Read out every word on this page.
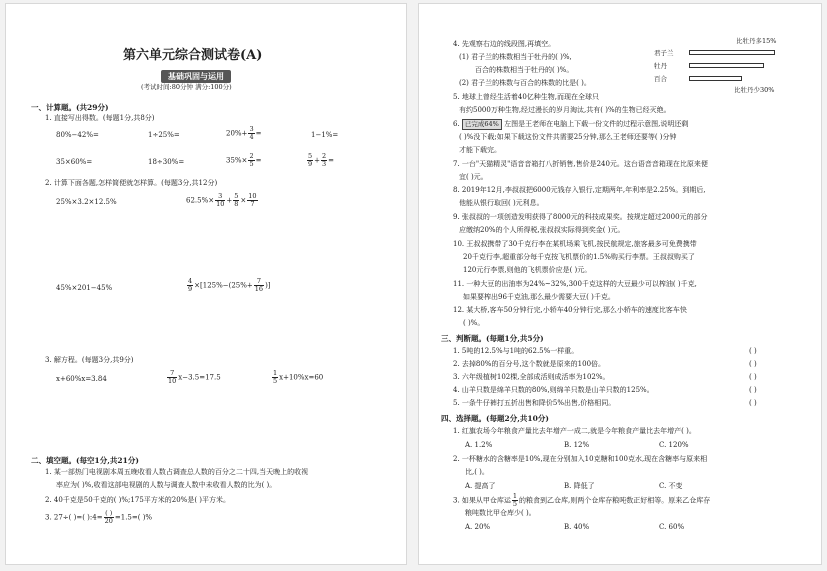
第六单元综合测试卷(A)
基础巩固与运用
(考试时间:80分钟 满分:100分)
一、计算题。(共29分)
1. 直接写出得数。(每题1分,共8分)
80%−42%=	1÷25%=	$20\%+ \frac{3}{4}$ =	1−1%=
35×60%=	18÷30%=	$35\%\times \frac{2}{5}$ =	$\frac{5}{9} + \frac{2}{3}$ =
2. 计算下面各题,怎样简便就怎样算。(每题3分,共12分)
25%×3.2×12.5%	$62.5\%\times \frac{3}{10} + \frac{5}{8} \times \frac{10}{7}$
45%×201−45%	$\frac{4}{9} \times[125\%-(25\%+ \frac{7}{16}$ )]
3. 解方程。(每题3分,共9分)
x+60%x=3.84	$\frac{7}{10} x-3.5=17.5$	$\frac{1}{5} x+10\%x=60$
二、填空题。(每空1分,共21分)
1. 某一部热门电视剧本周五晚收看人数占调查总人数的百分之二十四,当天晚上的收视
率应为( )%,收看这部电视剧的人数与调查人数中未收看人数的比为( )。
2. 40千克是50千克的( )%;175平方米的20%是( )平方米。
3. 27÷( )=( ):4= $\frac{( )}{20} =1.5=$( )%
4. 先观察右边的线段图,再填空。
(1) 君子兰的株数相当于牡丹的( )%,
百合的株数相当于牡丹的( )%。
(2) 君子兰的株数与百合的株数的比是( )。
比牡丹多15%
君子兰
牡丹
百合
比牡丹少30%
5. 地球上曾经生活着40亿种生物,而现在全球只
有约5000万种生物,经过漫长的岁月淘汰,共有( )%的生物已经灭绝。
6. 已完成64% 左图是王老师在电脑上下载一份文件的过程示意图,说明还剩
( )%没下载;如果下载这份文件共需要25分钟,那么王老师还要等( )分钟
才能下载完。
7. 一台"天猫精灵"语音音箱打八折销售,售价是240元。这台语音音箱现在比原来便
宜( )元。
8. 2019年12月,李叔叔把6000元钱存入银行,定期两年,年利率是2.25%。到期后,
他能从银行取回( )元利息。
9. 张叔叔的一项创造发明获得了8000元的科技成果奖。按规定超过2000元的部分
应缴纳20%的个人所得税,张叔叔实际得到奖金( )元。
10. 王叔叔携带了30千克行李在某机场乘飞机,按民航规定,旅客最多可免费携带
20千克行李,超重部分每千克按飞机票价的1.5%购买行李票。王叔叔购买了
120元行李票,则他的飞机票价应是( )元。
11. 一种大豆的出油率为24%~32%,300千克这样的大豆最少可以榨油( )千克,
如果要榨出96千克油,那么最少需要大豆( )千克。
12. 某大桥,客车50分钟行完,小轿车40分钟行完,那么小轿车的速度比客车快
( )%。
三、判断题。(每题1分,共5分)
1. 5吨的12.5%与1吨的62.5%一样重。	( )
2. 去掉80%的百分号,这个数就是原来的100倍。	( )
3. 六年级植树102棵,全部成活则成活率为102%。	( )
4. 山羊只数是绵羊只数的80%,则绵羊只数是山羊只数的125%。	( )
5. 一条牛仔裤打五折出售和降价5%出售,价格相同。	( )
四、选择题。(每题2分,共10分)
1. 红旗农场今年粮食产量比去年增产一成二,就是今年粮食产量比去年增产( )。
A. 1.2%	B. 12%	C. 120%
2. 一杯糖水的含糖率是10%,现在分别加入10克糖和100克水,现在含糖率与原来相
比,( )。
A. 提高了	B. 降低了	C. 不变
3. 如果从甲仓库运 $\frac{1}{5}$ 的粮食到乙仓库,则两个仓库存粮吨数正好相等。原来乙仓库存
粮吨数比甲仓库少( )。
A. 20%	B. 40%	C. 60%
